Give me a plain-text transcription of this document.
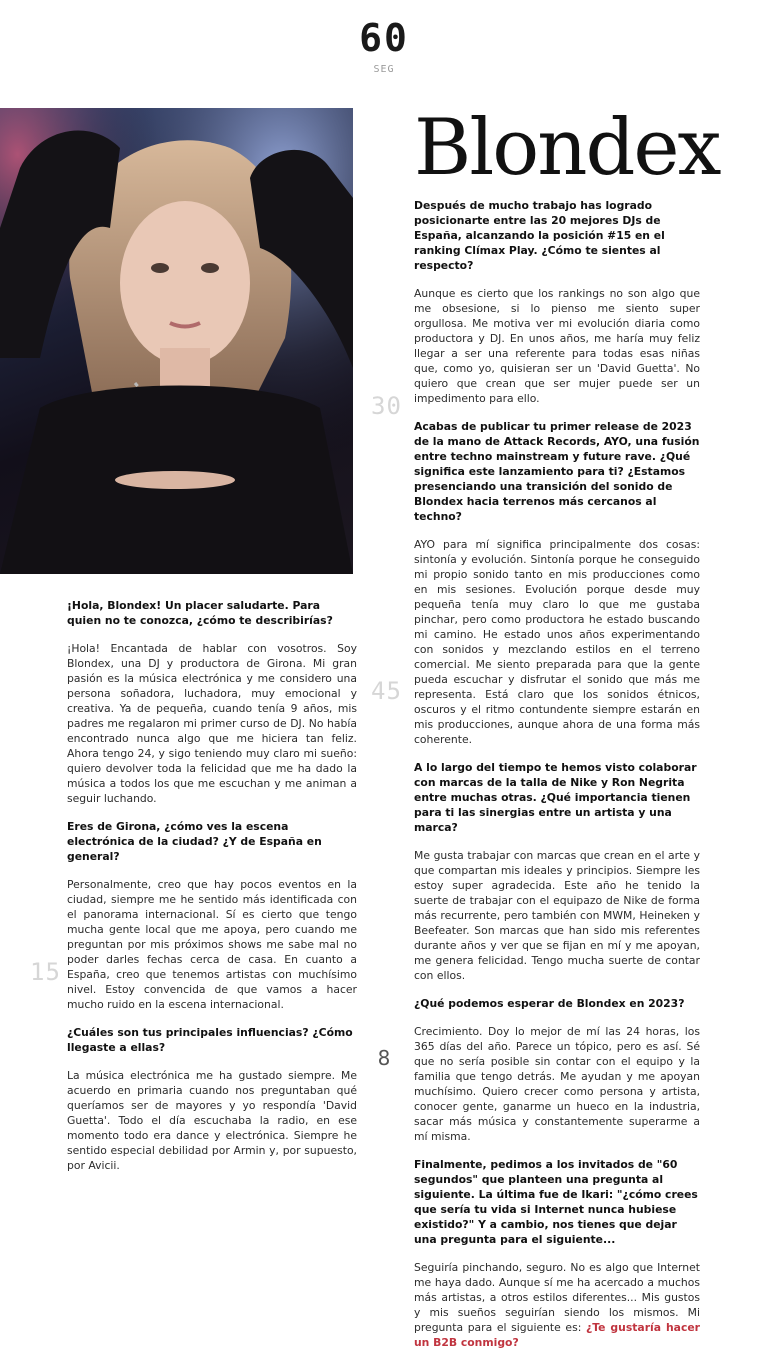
60
SEG
Blondex
30
45
15

Después de mucho trabajo has logrado posicionarte entre las 20 mejores DJs de España, alcanzando la posición #15 en el ranking Clímax Play. ¿Cómo te sientes al respecto?

Aunque es cierto que los rankings no son algo que me obsesione, si lo pienso me siento super orgullosa. Me motiva ver mi evolución diaria como productora y DJ. En unos años, me haría muy feliz llegar a ser una referente para todas esas niñas que, como yo, quisieran ser un 'David Guetta'. No quiero que crean que ser mujer puede ser un impedimento para ello.

Acabas de publicar tu primer release de 2023 de la mano de Attack Records, AYO, una fusión entre techno mainstream y future rave. ¿Qué significa este lanzamiento para ti? ¿Estamos presenciando una transición del sonido de Blondex hacia terrenos más cercanos al techno?

AYO para mí significa principalmente dos cosas: sintonía y evolución. Sintonía porque he conseguido mi propio sonido tanto en mis producciones como en mis sesiones. Evolución porque desde muy pequeña tenía muy claro lo que me gustaba pinchar, pero como productora he estado buscando mi camino. He estado unos años experimentando con sonidos y mezclando estilos en el terreno comercial. Me siento preparada para que la gente pueda escuchar y disfrutar el sonido que más me representa. Está claro que los sonidos étnicos, oscuros y el ritmo contundente siempre estarán en mis producciones, aunque ahora de una forma más coherente.

A lo largo del tiempo te hemos visto colaborar con marcas de la talla de Nike y Ron Negrita entre muchas otras. ¿Qué importancia tienen para ti las sinergias entre un artista y una marca?

Me gusta trabajar con marcas que crean en el arte y que compartan mis ideales y principios. Siempre les estoy super agradecida. Este año he tenido la suerte de trabajar con el equipazo de Nike de forma más recurrente, pero también con MWM, Heineken y Beefeater. Son marcas que han sido mis referentes durante años y ver que se fijan en mí y me apoyan, me genera felicidad. Tengo mucha suerte de contar con ellos.

¿Qué podemos esperar de Blondex en 2023?

Crecimiento. Doy lo mejor de mí las 24 horas, los 365 días del año. Parece un tópico, pero es así. Sé que no sería posible sin contar con el equipo y la familia que tengo detrás. Me ayudan y me apoyan muchísimo. Quiero crecer como persona y artista, conocer gente, ganarme un hueco en la industria, sacar más música y constantemente superarme a mí misma.

Finalmente, pedimos a los invitados de "60 segundos" que planteen una pregunta al siguiente. La última fue de Ikari: "¿cómo crees que sería tu vida si Internet nunca hubiese existido?" Y a cambio, nos tienes que dejar una pregunta para el siguiente...

Seguiría pinchando, seguro. No es algo que Internet me haya dado. Aunque sí me ha acercado a muchos más artistas, a otros estilos diferentes... Mis gustos y mis sueños seguirían siendo los mismos. Mi pregunta para el siguiente es: ¿Te gustaría hacer un B2B conmigo?

¡Hola, Blondex! Un placer saludarte. Para quien no te conozca, ¿cómo te describirías?

¡Hola! Encantada de hablar con vosotros. Soy Blondex, una DJ y productora de Girona. Mi gran pasión es la música electrónica y me considero una persona soñadora, luchadora, muy emocional y creativa. Ya de pequeña, cuando tenía 9 años, mis padres me regalaron mi primer curso de DJ. No había encontrado nunca algo que me hiciera tan feliz. Ahora tengo 24, y sigo teniendo muy claro mi sueño: quiero devolver toda la felicidad que me ha dado la música a todos los que me escuchan y me animan a seguir luchando.

Eres de Girona, ¿cómo ves la escena electrónica de la ciudad? ¿Y de España en general?

Personalmente, creo que hay pocos eventos en la ciudad, siempre me he sentido más identificada con el panorama internacional. Sí es cierto que tengo mucha gente local que me apoya, pero cuando me preguntan por mis próximos shows me sabe mal no poder darles fechas cerca de casa. En cuanto a España, creo que tenemos artistas con muchísimo nivel. Estoy convencida de que vamos a hacer mucho ruido en la escena internacional.

¿Cuáles son tus principales influencias? ¿Cómo llegaste a ellas?

La música electrónica me ha gustado siempre. Me acuerdo en primaria cuando nos preguntaban qué queríamos ser de mayores y yo respondía 'David Guetta'. Todo el día escuchaba la radio, en ese momento todo era dance y electrónica. Siempre he sentido especial debilidad por Armin y, por supuesto, por Avicii.

8
